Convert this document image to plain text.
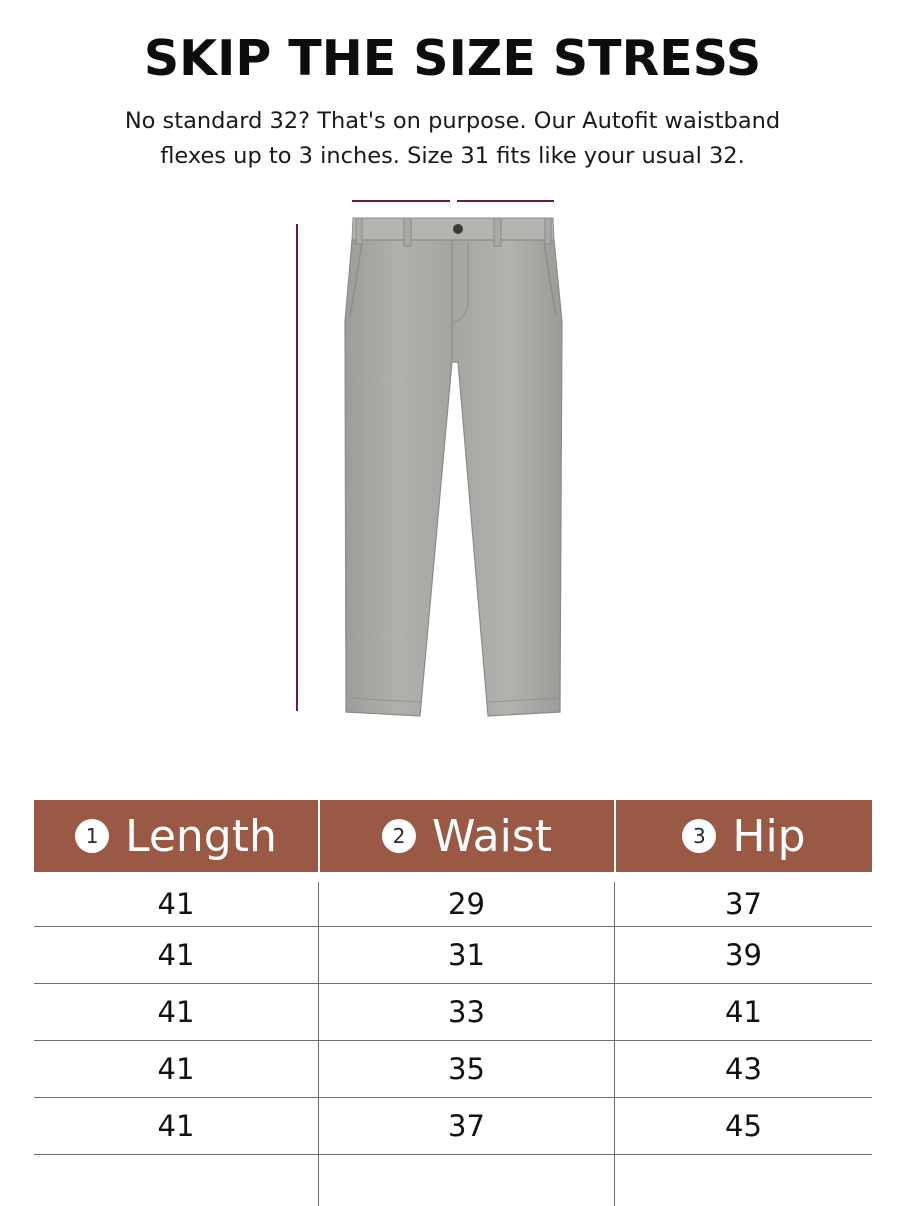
SKIP THE SIZE STRESS

No standard 32? That's on purpose. Our Autofit waistband
flexes up to 3 inches. Size 31 fits like your usual 32.

1 Length	2 Waist	3 Hip
41	29	37
41	31	39
41	33	41
41	35	43
41	37	45
